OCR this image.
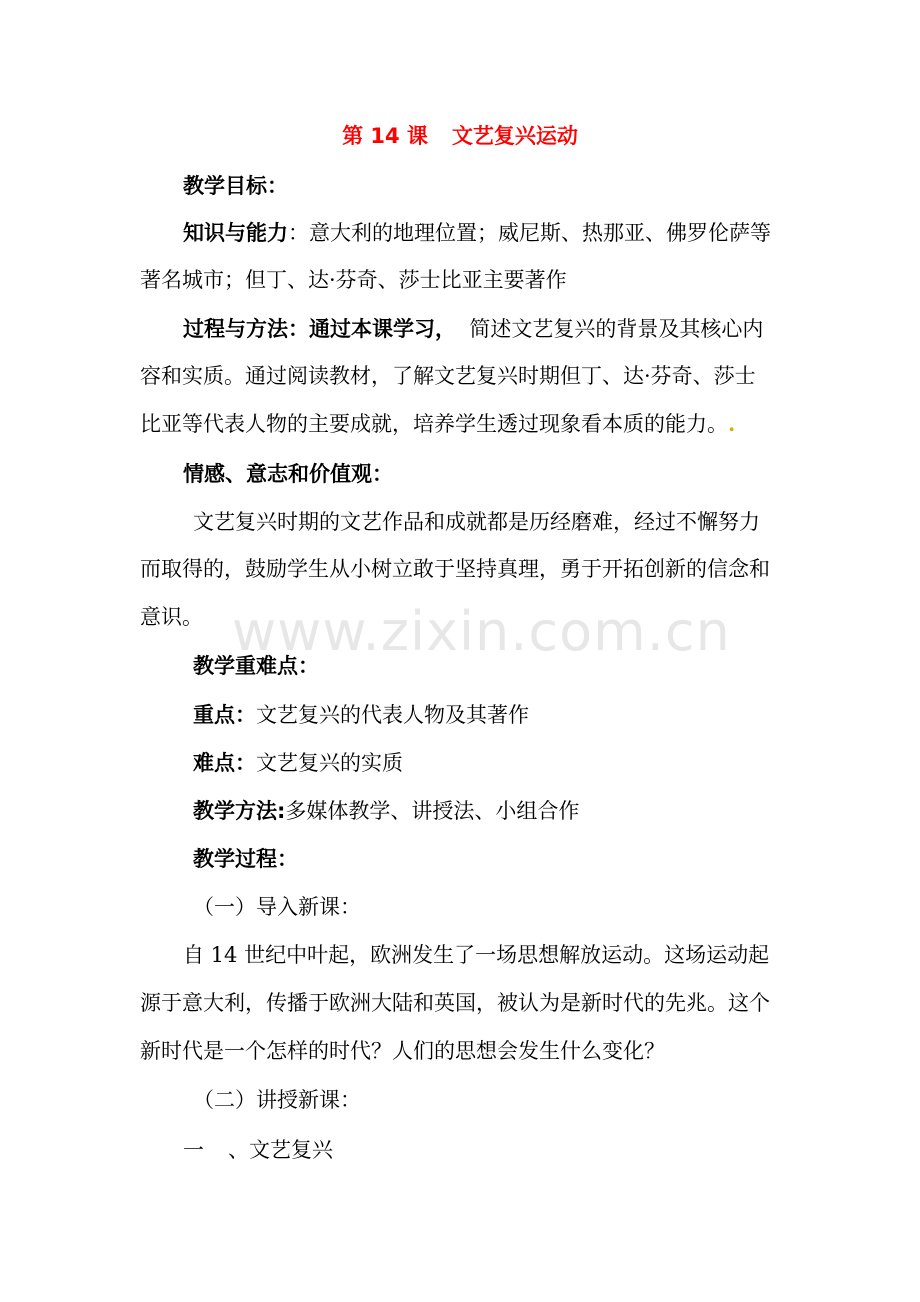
第 14 课 文艺复兴运动
教学目标：
知识与能力：意大利的地理位置；威尼斯、热那亚、佛罗伦萨等
著名城市；但丁、达·芬奇、莎士比亚主要著作
过程与方法：通过本课学习，  简述文艺复兴的背景及其核心内
容和实质。通过阅读教材，了解文艺复兴时期但丁、达·芬奇、莎士
比亚等代表人物的主要成就，培养学生透过现象看本质的能力。.
情感、意志和价值观：
文艺复兴时期的文艺作品和成就都是历经磨难，经过不懈努力
而取得的，鼓励学生从小树立敢于坚持真理，勇于开拓创新的信念和
意识。
教学重难点：
重点：文艺复兴的代表人物及其著作
难点：文艺复兴的实质
教学方法:多媒体教学、讲授法、小组合作
教学过程：
（一）导入新课：
自 14 世纪中叶起，欧洲发生了一场思想解放运动。这场运动起
源于意大利，传播于欧洲大陆和英国，被认为是新时代的先兆。这个
新时代是一个怎样的时代？人们的思想会发生什么变化？
（二）讲授新课：
一 、文艺复兴
www.zixin.com.cn
